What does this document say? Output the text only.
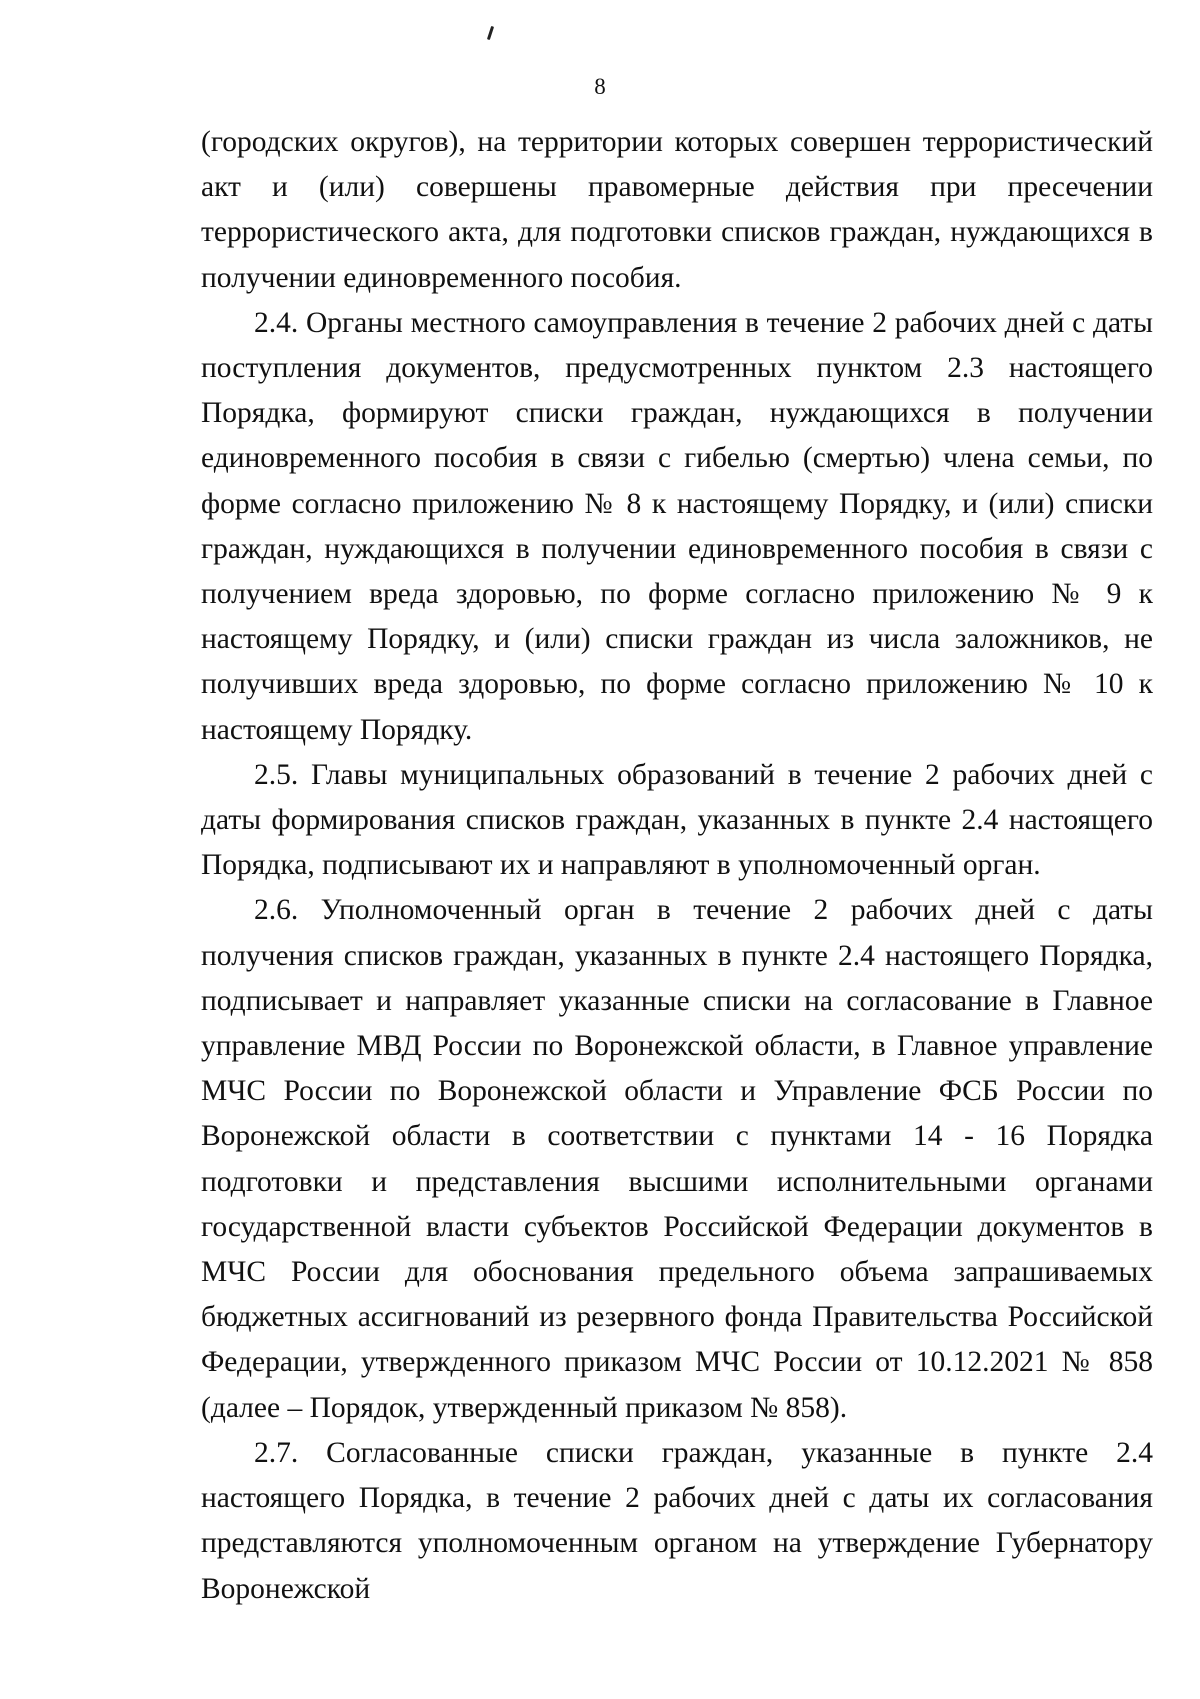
8

(городских округов), на территории которых совершен террористический акт и (или) совершены правомерные действия при пресечении террористического акта, для подготовки списков граждан, нуждающихся в получении единовременного пособия.

2.4. Органы местного самоуправления в течение 2 рабочих дней с даты поступления документов, предусмотренных пунктом 2.3 настоящего Порядка, формируют списки граждан, нуждающихся в получении единовременного пособия в связи с гибелью (смертью) члена семьи, по форме согласно приложению № 8 к настоящему Порядку, и (или) списки граждан, нуждающихся в получении единовременного пособия в связи с получением вреда здоровью, по форме согласно приложению № 9 к настоящему Порядку, и (или) списки граждан из числа заложников, не получивших вреда здоровью, по форме согласно приложению № 10 к настоящему Порядку.

2.5. Главы муниципальных образований в течение 2 рабочих дней с даты формирования списков граждан, указанных в пункте 2.4 настоящего Порядка, подписывают их и направляют в уполномоченный орган.

2.6. Уполномоченный орган в течение 2 рабочих дней с даты получения списков граждан, указанных в пункте 2.4 настоящего Порядка, подписывает и направляет указанные списки на согласование в Главное управление МВД России по Воронежской области, в Главное управление МЧС России по Воронежской области и Управление ФСБ России по Воронежской области в соответствии с пунктами 14 - 16 Порядка подготовки и представления высшими исполнительными органами государственной власти субъектов Российской Федерации документов в МЧС России для обоснования предельного объема запрашиваемых бюджетных ассигнований из резервного фонда Правительства Российской Федерации, утвержденного приказом МЧС России от 10.12.2021 № 858 (далее – Порядок, утвержденный приказом № 858).

2.7. Согласованные списки граждан, указанные в пункте 2.4 настоящего Порядка, в течение 2 рабочих дней с даты их согласования представляются уполномоченным органом на утверждение Губернатору Воронежской
